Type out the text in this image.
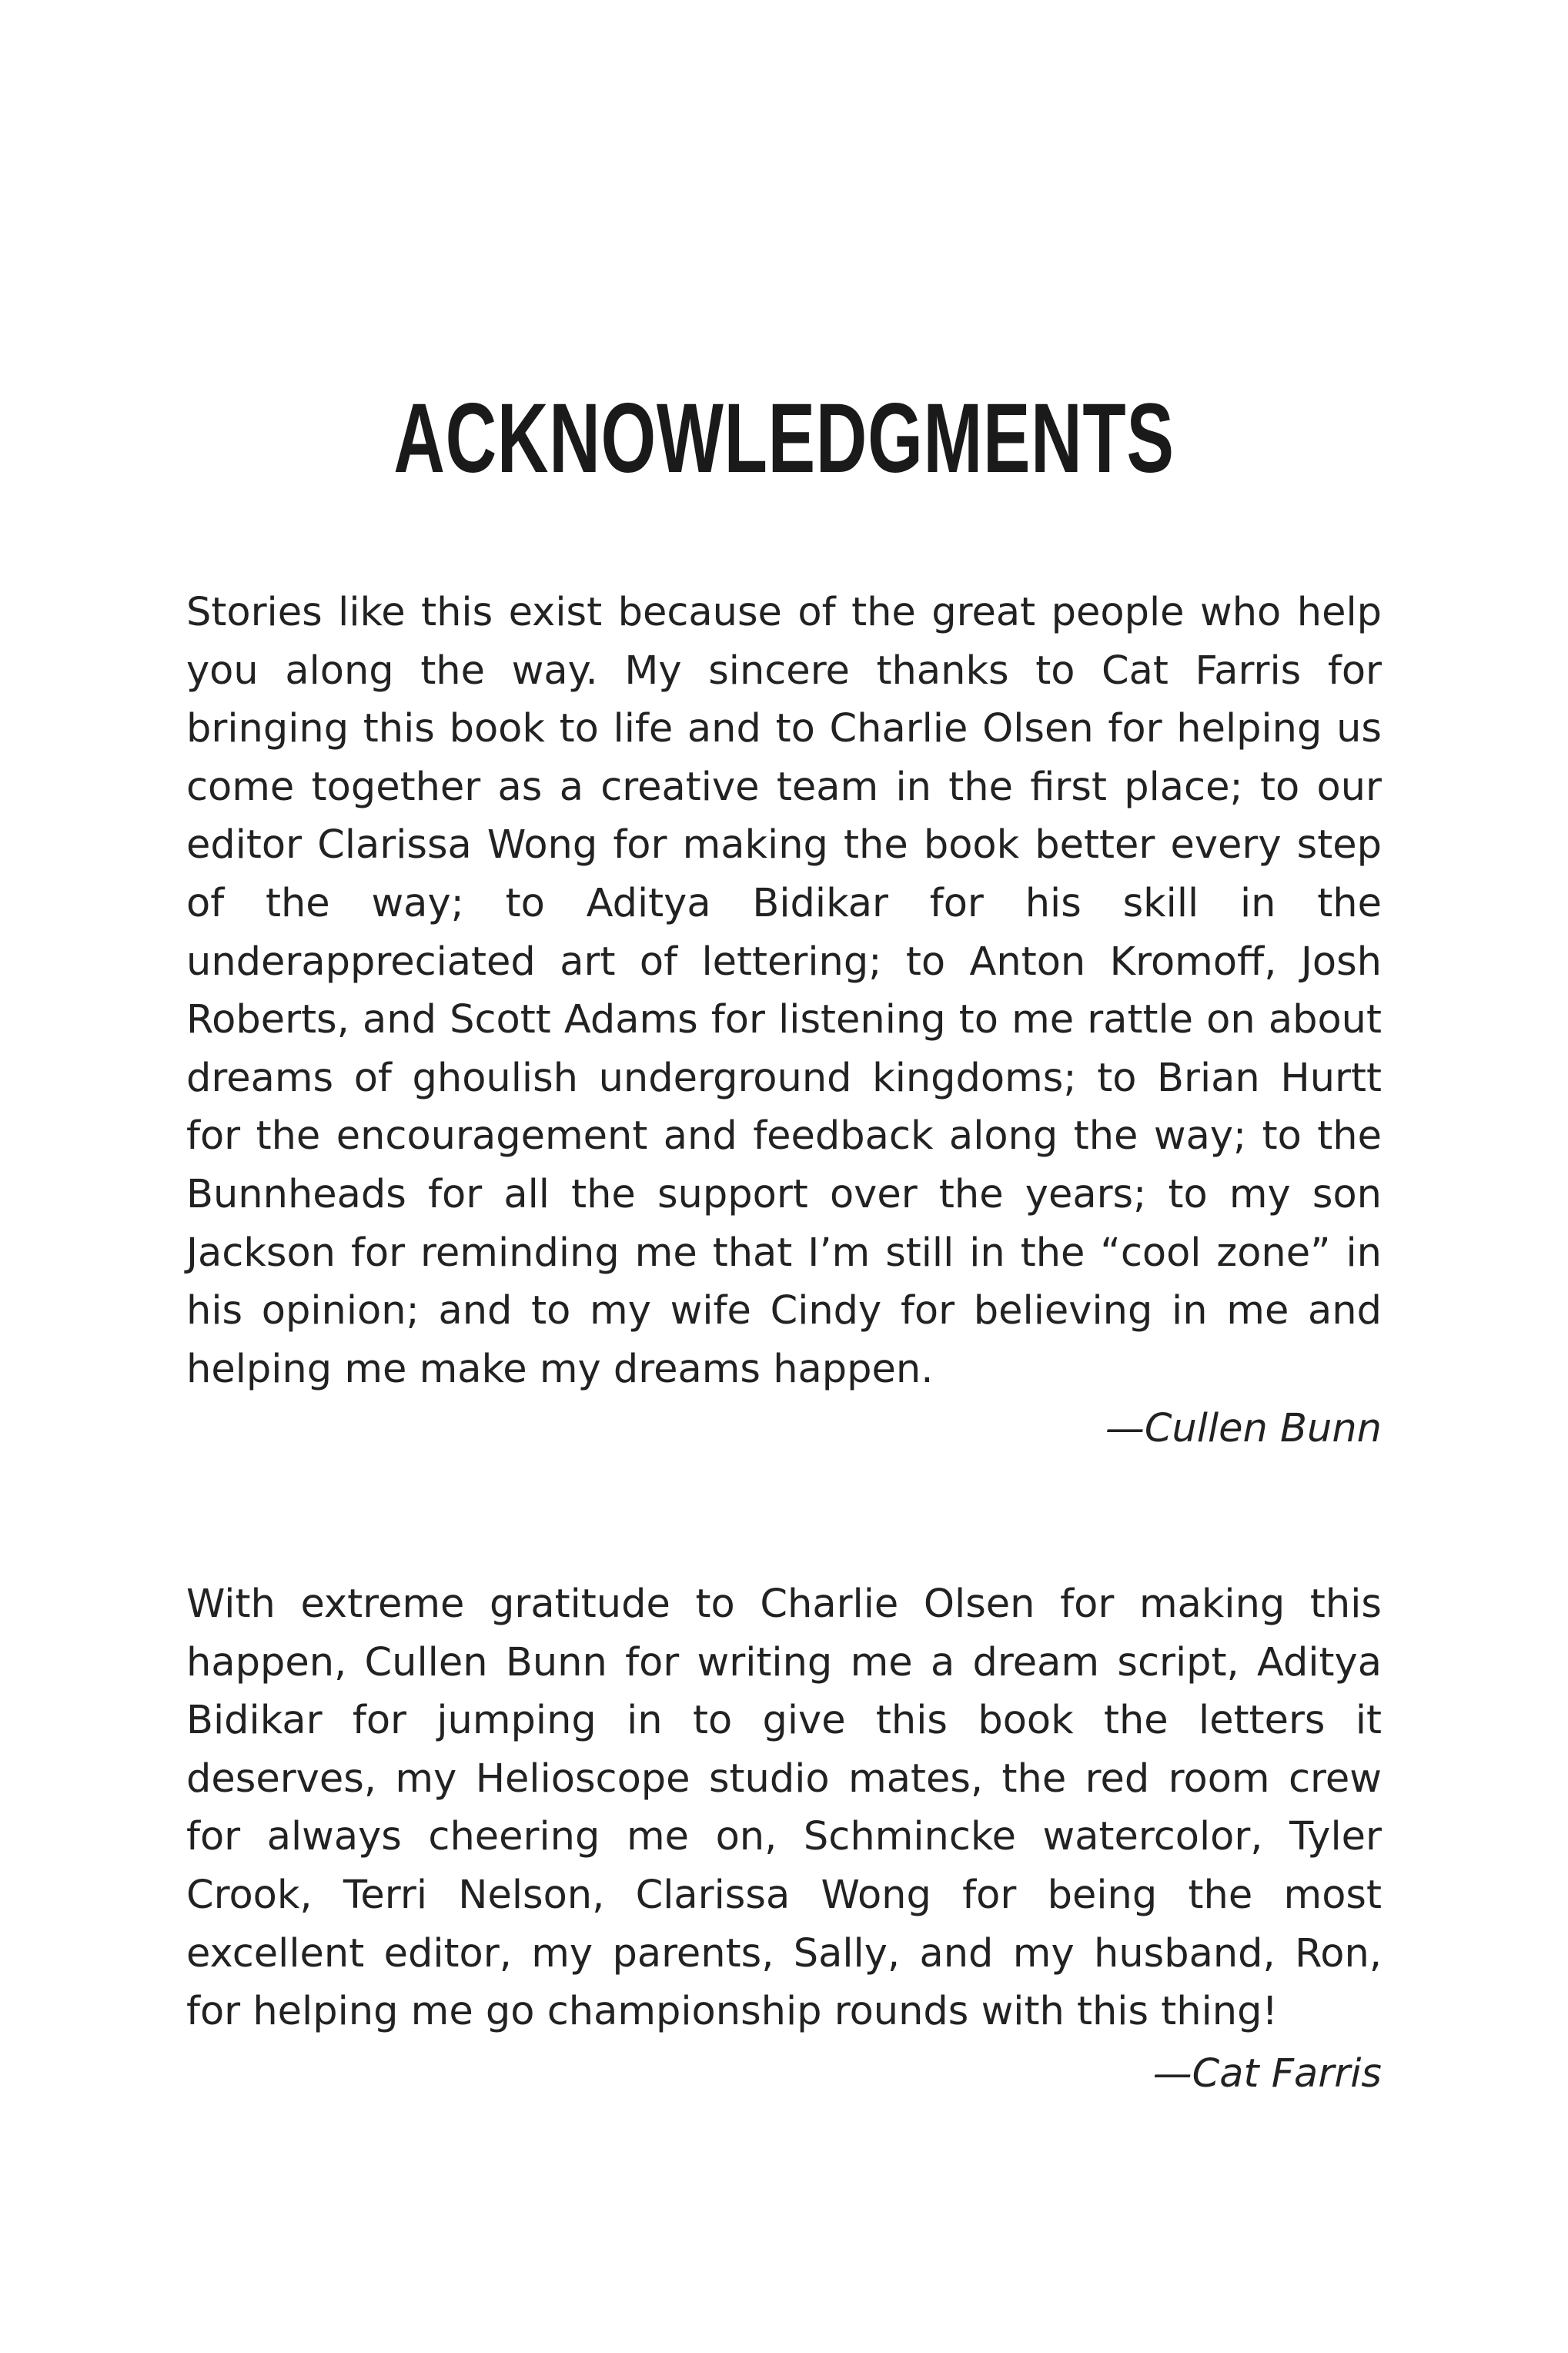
ACKNOWLEDGMENTS

Stories like this exist because of the great people who help you along the way. My sincere thanks to Cat Farris for bringing this book to life and to Charlie Olsen for helping us come together as a creative team in the first place; to our editor Clarissa Wong for making the book better every step of the way; to Aditya Bidikar for his skill in the underappreciated art of lettering; to Anton Kromoff, Josh Roberts, and Scott Adams for listening to me rattle on about dreams of ghoulish underground kingdoms; to Brian Hurtt for the encouragement and feedback along the way; to the Bunnheads for all the support over the years; to my son Jackson for reminding me that I’m still in the “cool zone” in his opinion; and to my wife Cindy for believing in me and helping me make my dreams happen.

—Cullen Bunn

With extreme gratitude to Charlie Olsen for making this happen, Cullen Bunn for writing me a dream script, Aditya Bidikar for jumping in to give this book the letters it deserves, my Helioscope studio mates, the red room crew for always cheering me on, Schmincke watercolor, Tyler Crook, Terri Nelson, Clarissa Wong for being the most excellent editor, my parents, Sally, and my husband, Ron, for helping me go championship rounds with this thing!

—Cat Farris
